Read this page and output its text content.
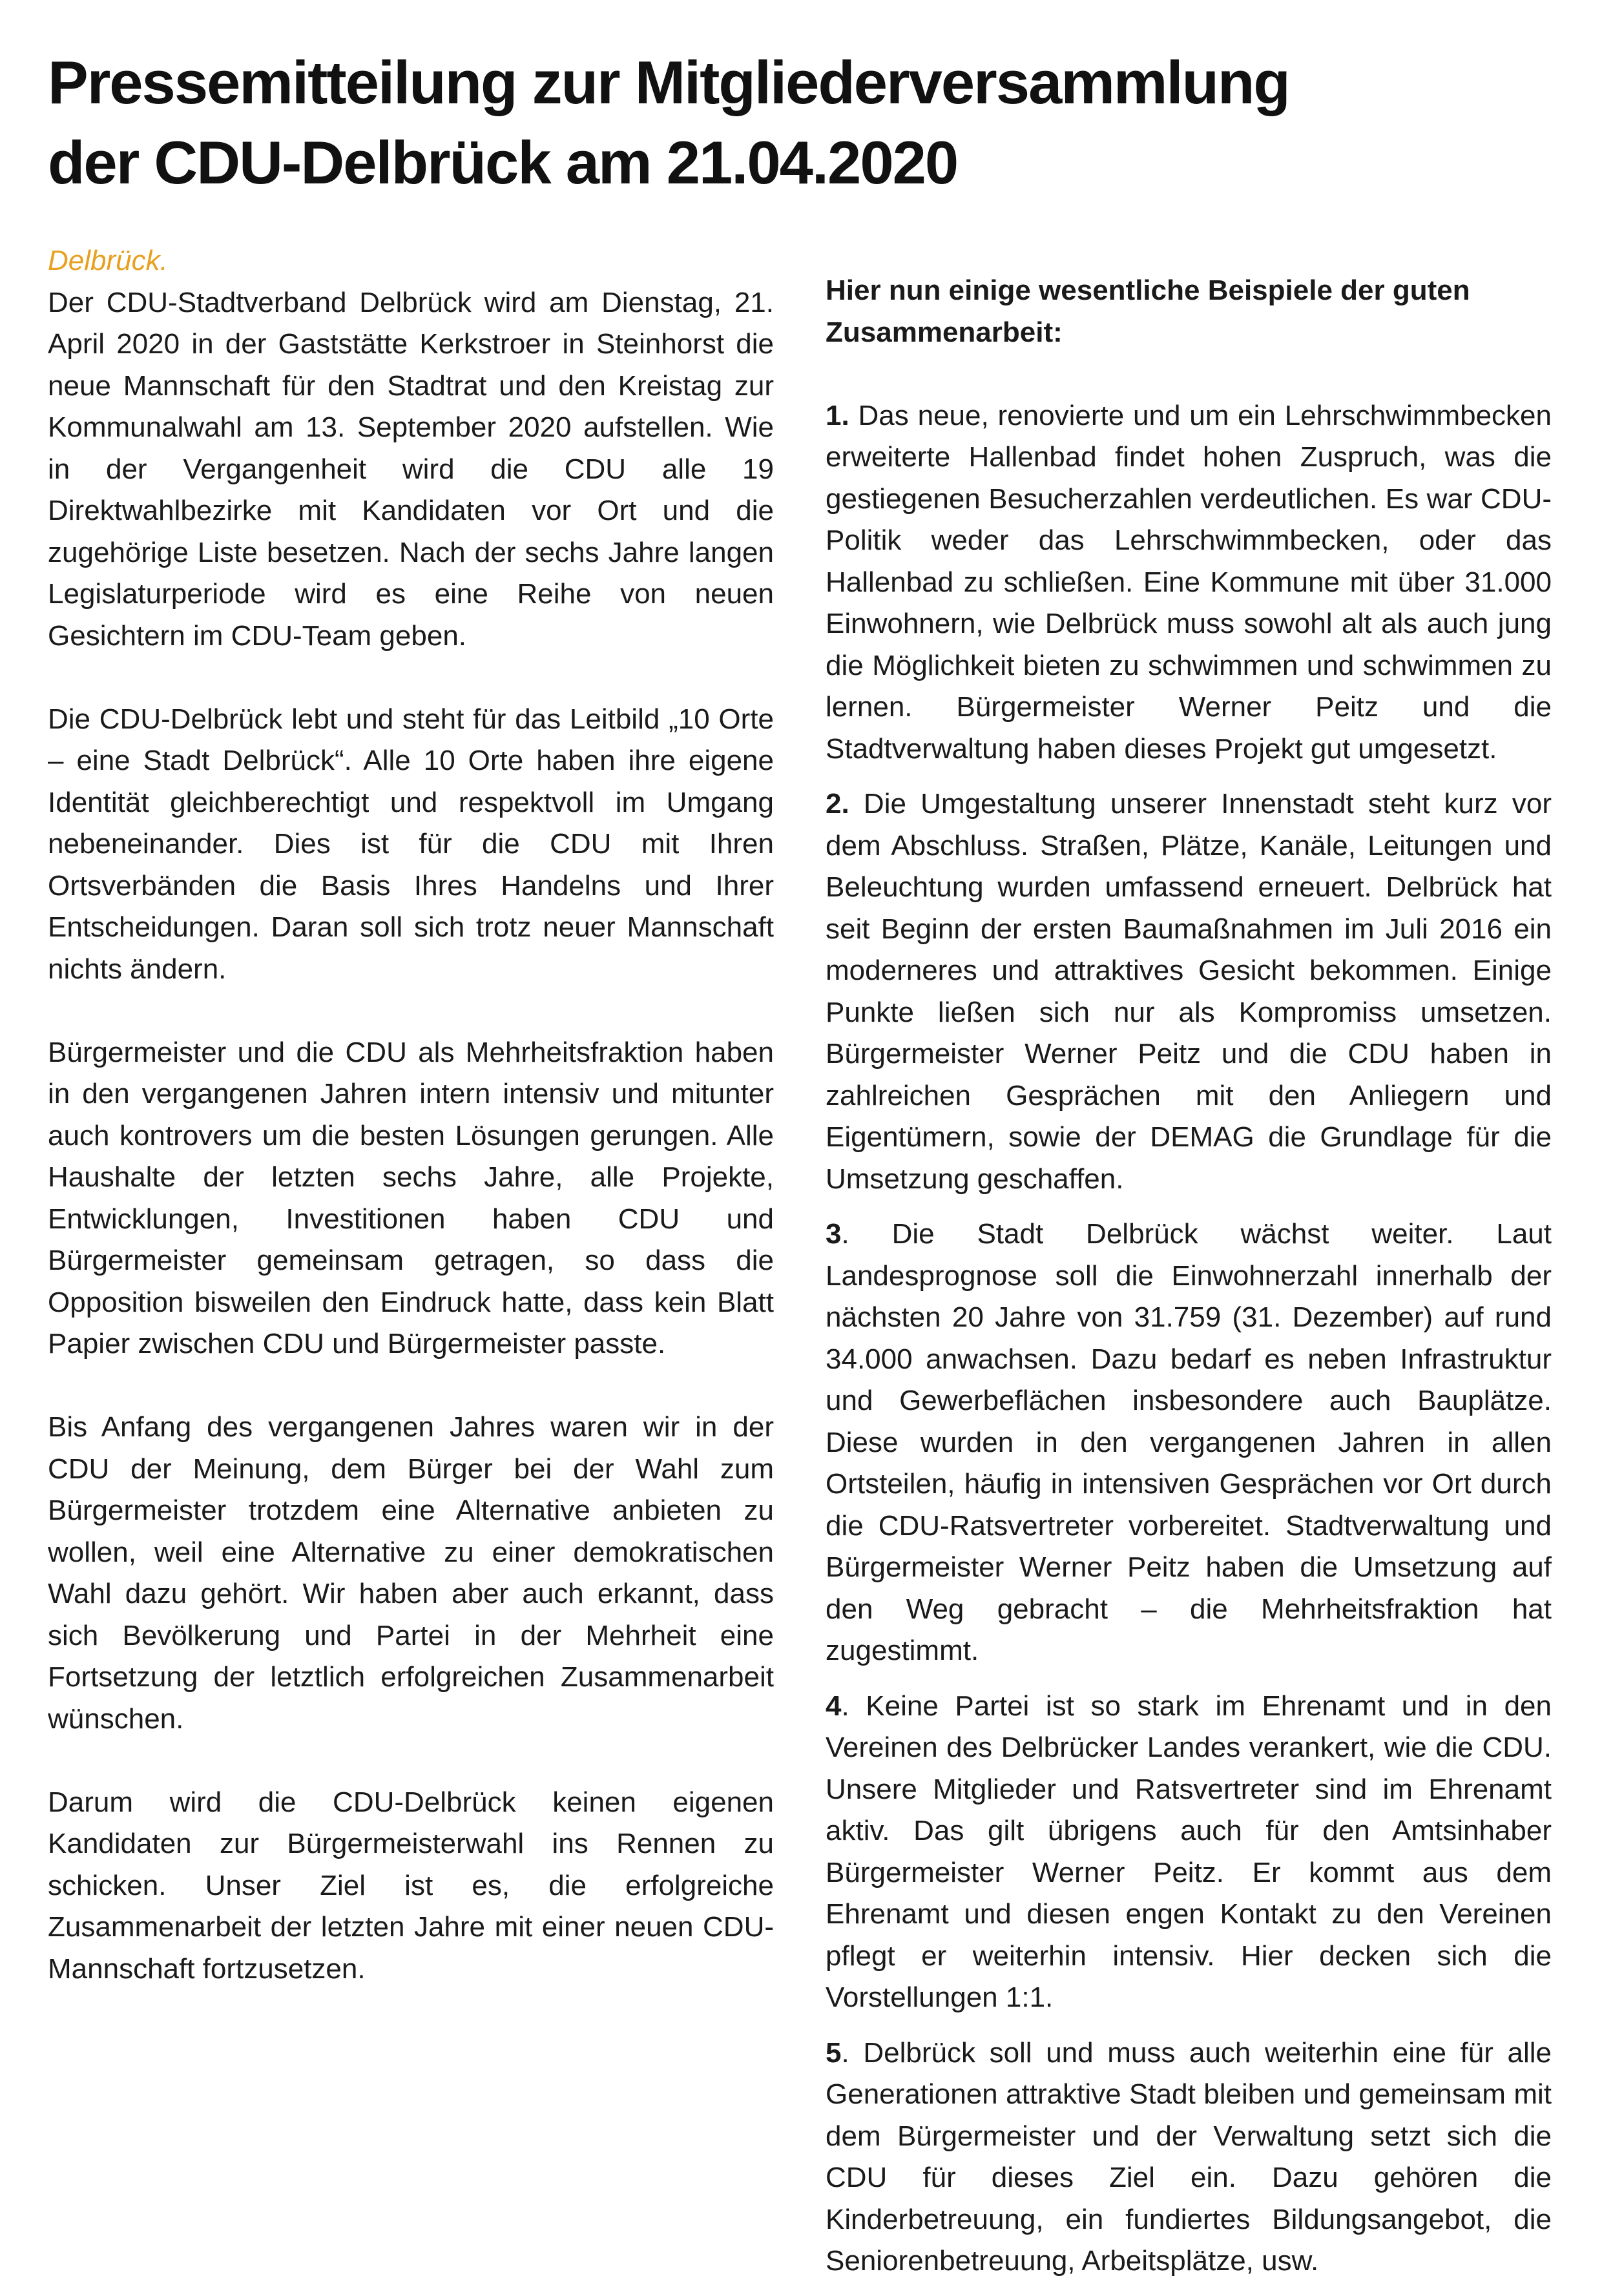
Pressemitteilung zur Mitgliederversammlung
der CDU-Delbrück am 21.04.2020
Delbrück.

Der CDU-Stadtverband Delbrück wird am Dienstag, 21. April 2020 in der Gaststätte Kerkstroer in Steinhorst die neue Mannschaft für den Stadtrat und den Kreistag zur Kommunalwahl am 13. September 2020 aufstellen. Wie in der Vergangenheit wird die CDU alle 19 Direktwahlbezirke mit Kandidaten vor Ort und die zugehörige Liste besetzen. Nach der sechs Jahre langen Legislaturperiode wird es eine Reihe von neuen Gesichtern im CDU-Team geben.

Die CDU-Delbrück lebt und steht für das Leitbild „10 Orte – eine Stadt Delbrück“. Alle 10 Orte haben ihre eigene Identität gleichberechtigt und respektvoll im Umgang nebeneinander. Dies ist für die CDU mit Ihren Ortsverbänden die Basis Ihres Handelns und Ihrer Entscheidungen. Daran soll sich trotz neuer Mannschaft nichts ändern.

Bürgermeister und die CDU als Mehrheitsfraktion haben in den vergangenen Jahren intern intensiv und mitunter auch kontrovers um die besten Lösungen gerungen. Alle Haushalte der letzten sechs Jahre, alle Projekte, Entwicklungen, Investitionen haben CDU und Bürgermeister gemeinsam getragen, so dass die Opposition bisweilen den Eindruck hatte, dass kein Blatt Papier zwischen CDU und Bürgermeister passte.

Bis Anfang des vergangenen Jahres waren wir in der CDU der Meinung, dem Bürger bei der Wahl zum Bürgermeister trotzdem eine Alternative anbieten zu wollen, weil eine Alternative zu einer demokratischen Wahl dazu gehört. Wir haben aber auch erkannt, dass sich Bevölkerung und Partei in der Mehrheit eine Fortsetzung der letztlich erfolgreichen Zusammenarbeit wünschen.

Darum wird die CDU-Delbrück keinen eigenen Kandidaten zur Bürgermeisterwahl ins Rennen zu schicken. Unser Ziel ist es, die erfolgreiche Zusammenarbeit der letzten Jahre mit einer neuen CDU-Mannschaft fortzusetzen.

Hier nun einige wesentliche Beispiele der guten Zusammenarbeit:

1. Das neue, renovierte und um ein Lehrschwimmbecken erweiterte Hallenbad findet hohen Zuspruch, was die gestiegenen Besucherzahlen verdeutlichen. Es war CDU-Politik weder das Lehrschwimmbecken, oder das Hallenbad zu schließen. Eine Kommune mit über 31.000 Einwohnern, wie Delbrück muss sowohl alt als auch jung die Möglichkeit bieten zu schwimmen und schwimmen zu lernen. Bürgermeister Werner Peitz und die Stadtverwaltung haben dieses Projekt gut umgesetzt.

2. Die Umgestaltung unserer Innenstadt steht kurz vor dem Abschluss. Straßen, Plätze, Kanäle, Leitungen und Beleuchtung wurden umfassend erneuert. Delbrück hat seit Beginn der ersten Baumaßnahmen im Juli 2016 ein moderneres und attraktives Gesicht bekommen. Einige Punkte ließen sich nur als Kompromiss umsetzen. Bürgermeister Werner Peitz und die CDU haben in zahlreichen Gesprächen mit den Anliegern und Eigentümern, sowie der DEMAG die Grundlage für die Umsetzung geschaffen.

3. Die Stadt Delbrück wächst weiter. Laut Landesprognose soll die Einwohnerzahl innerhalb der nächsten 20 Jahre von 31.759 (31. Dezember) auf rund 34.000 anwachsen. Dazu bedarf es neben Infrastruktur und Gewerbeflächen insbesondere auch Bauplätze. Diese wurden in den vergangenen Jahren in allen Ortsteilen, häufig in intensiven Gesprächen vor Ort durch die CDU-Ratsvertreter vorbereitet. Stadtverwaltung und Bürgermeister Werner Peitz haben die Umsetzung auf den Weg gebracht – die Mehrheitsfraktion hat zugestimmt.

4. Keine Partei ist so stark im Ehrenamt und in den Vereinen des Delbrücker Landes verankert, wie die CDU. Unsere Mitglieder und Ratsvertreter sind im Ehrenamt aktiv. Das gilt übrigens auch für den Amtsinhaber Bürgermeister Werner Peitz. Er kommt aus dem Ehrenamt und diesen engen Kontakt zu den Vereinen pflegt er weiterhin intensiv. Hier decken sich die Vorstellungen 1:1.

5. Delbrück soll und muss auch weiterhin eine für alle Generationen attraktive Stadt bleiben und gemeinsam mit dem Bürgermeister und der Verwaltung setzt sich die CDU für dieses Ziel ein. Dazu gehören die Kinderbetreuung, ein fundiertes Bildungsangebot, die Seniorenbetreuung, Arbeitsplätze, usw.
